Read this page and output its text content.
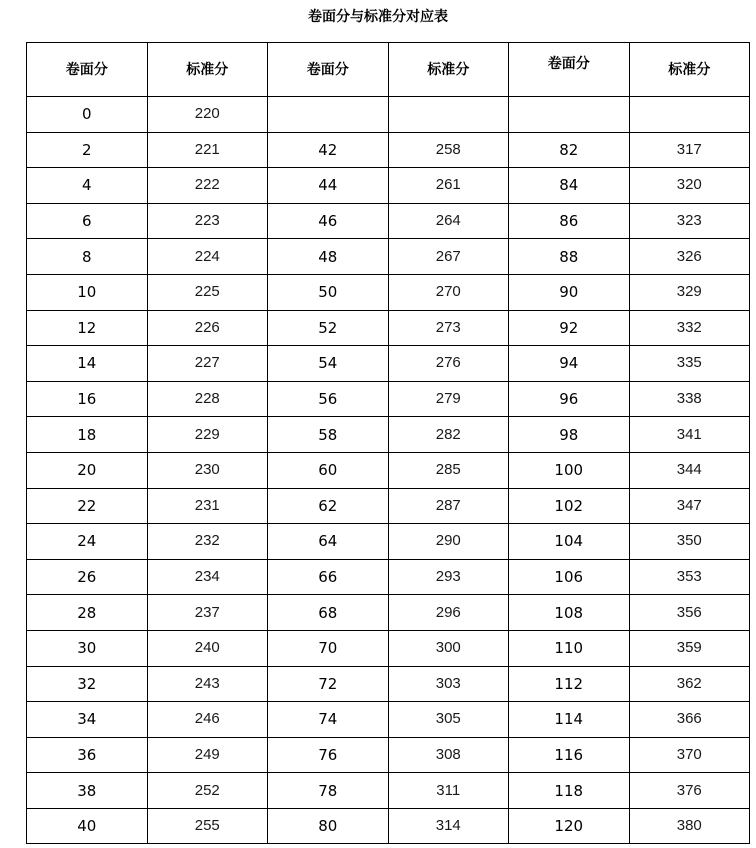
卷面分与标准分对应表
卷面分	标准分	卷面分	标准分	卷面分	标准分
0	220				
2	221	42	258	82	317
4	222	44	261	84	320
6	223	46	264	86	323
8	224	48	267	88	326
10	225	50	270	90	329
12	226	52	273	92	332
14	227	54	276	94	335
16	228	56	279	96	338
18	229	58	282	98	341
20	230	60	285	100	344
22	231	62	287	102	347
24	232	64	290	104	350
26	234	66	293	106	353
28	237	68	296	108	356
30	240	70	300	110	359
32	243	72	303	112	362
34	246	74	305	114	366
36	249	76	308	116	370
38	252	78	311	118	376
40	255	80	314	120	380
